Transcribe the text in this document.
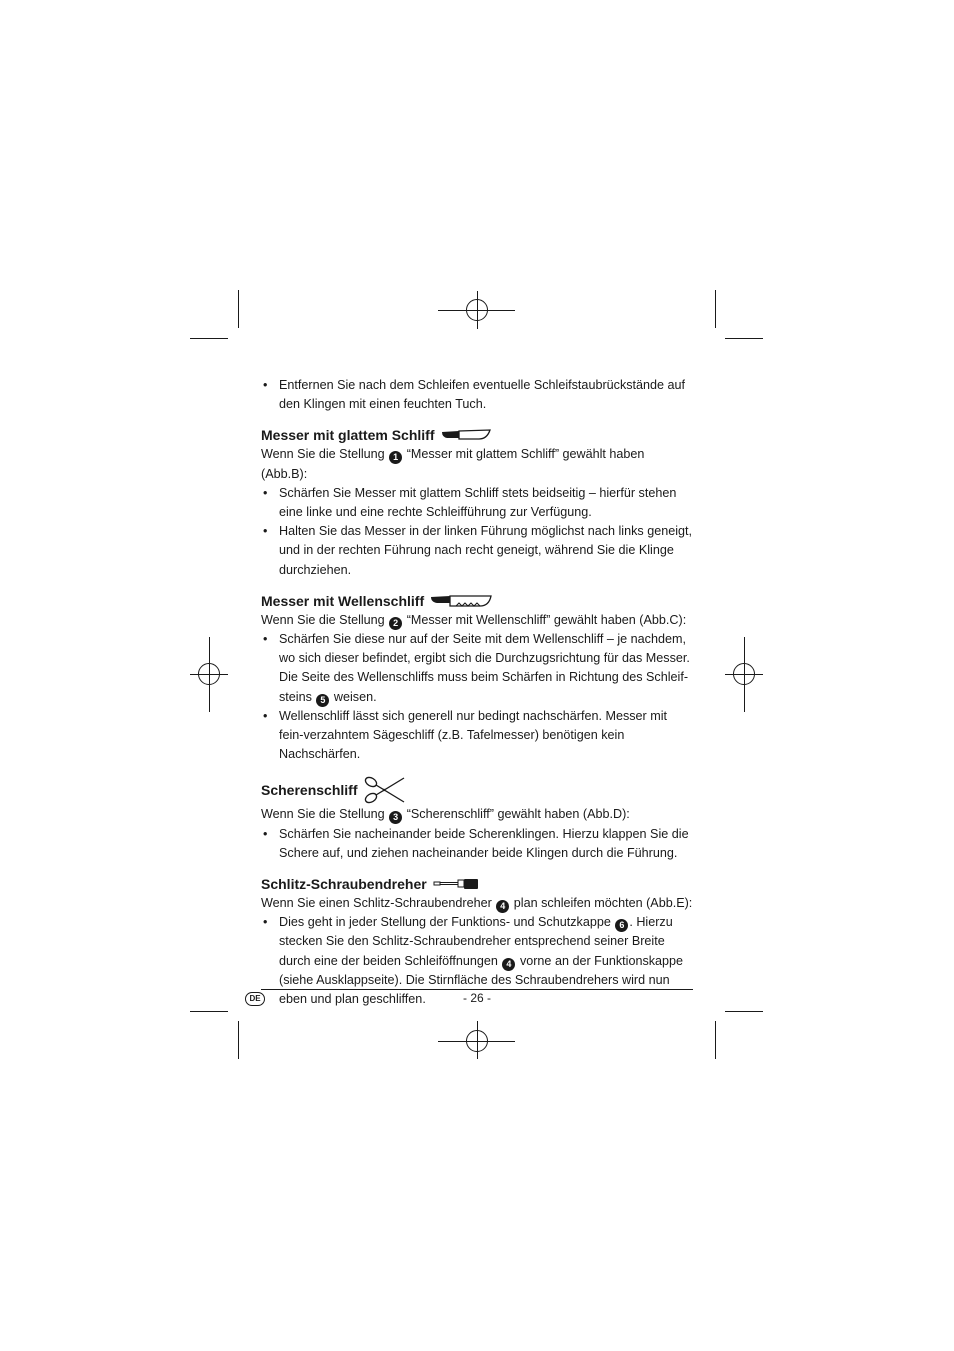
• Entfernen Sie nach dem Schleifen eventuelle Schleifstaubrückstände auf den Klingen mit einen feuchten Tuch.
Messer mit glattem Schliff

Wenn Sie die Stellung 1 “Messer mit glattem Schliff” gewählt haben (Abb.B):

• Schärfen Sie Messer mit glattem Schliff stets beidseitig – hierfür stehen eine linke und eine rechte Schleifführung zur Verfügung.
• Halten Sie das Messer in der linken Führung möglichst nach links geneigt, und in der rechten Führung nach recht geneigt, während Sie die Klinge durchziehen.
Messer mit Wellenschliff

Wenn Sie die Stellung 2 “Messer mit Wellenschliff” gewählt haben (Abb.C):

• Schärfen Sie diese nur auf der Seite mit dem Wellenschliff – je nachdem, wo sich dieser befindet, ergibt sich die Durchzugsrichtung für das Messer. Die Seite des Wellenschliffs muss beim Schärfen in Richtung des Schleif-steins 5 weisen.
• Wellenschliff lässt sich generell nur bedingt nachschärfen. Messer mit fein-verzahntem Sägeschliff (z.B. Tafelmesser) benötigen kein Nachschärfen.
Scherenschliff

Wenn Sie die Stellung 3 “Scherenschliff” gewählt haben (Abb.D):

• Schärfen Sie nacheinander beide Scherenklingen. Hierzu klappen Sie die Schere auf, und ziehen nacheinander beide Klingen durch die Führung.
Schlitz-Schraubendreher

Wenn Sie einen Schlitz-Schraubendreher 4 plan schleifen möchten (Abb.E):

• Dies geht in jeder Stellung der Funktions- und Schutzkappe 6 . Hierzu stecken Sie den Schlitz-Schraubendreher entsprechend seiner Breite durch eine der beiden Schleiföffnungen 4 vorne an der Funktionskappe (siehe Ausklappseite). Die Stirnfläche des Schraubendrehers wird nun eben und plan geschliffen.
DE	- 26 -
